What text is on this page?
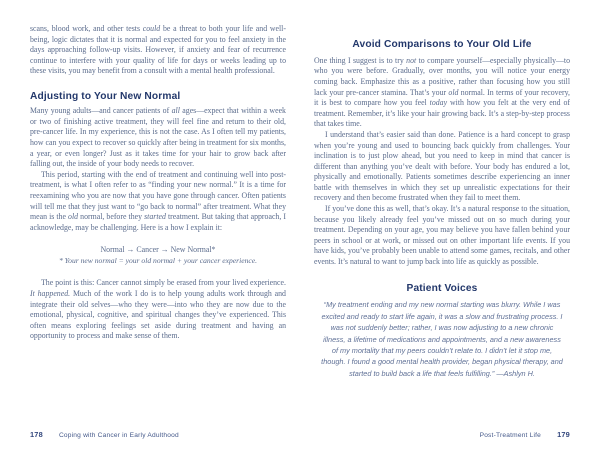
scans, blood work, and other tests could be a threat to both your life and well-being, logic dictates that it is normal and expected for you to feel anxiety in the days approaching follow-up visits. However, if anxiety and fear of recurrence continue to interfere with your quality of life for days or weeks leading up to these visits, you may benefit from a consult with a mental health professional.

Adjusting to Your New Normal

Many young adults—and cancer patients of all ages—expect that within a week or two of finishing active treatment, they will feel fine and return to their old, pre-cancer life. In my experience, this is not the case. As I often tell my patients, how can you expect to recover so quickly after being in treatment for six months, a year, or even longer? Just as it takes time for your hair to grow back after falling out, the inside of your body needs to recover.

This period, starting with the end of treatment and continuing well into post-treatment, is what I often refer to as “finding your new normal.” It is a time for reexamining who you are now that you have gone through cancer. Often patients will tell me that they just want to “go back to normal” after treatment. What they mean is the old normal, before they started treatment. But taking that approach, I acknowledge, may be challenging. Here is a how I explain it:

Normal → Cancer → New Normal*
* Your new normal = your old normal + your cancer experience.

The point is this: Cancer cannot simply be erased from your lived experience. It happened. Much of the work I do is to help young adults work through and integrate their old selves—who they were—into who they are now due to the emotional, physical, cognitive, and spiritual changes they’ve experienced. This often means exploring feelings set aside during treatment and having an opportunity to process and make sense of them.

178 Coping with Cancer in Early Adulthood
Avoid Comparisons to Your Old Life

One thing I suggest is to try not to compare yourself—especially physically—to who you were before. Gradually, over months, you will notice your energy coming back. Emphasize this as a positive, rather than focusing how you still lack your pre-cancer stamina. That’s your old normal. In terms of your recovery, it is best to compare how you feel today with how you felt at the very end of treatment. Remember, it’s like your hair growing back. It’s a step-by-step process that takes time.

I understand that’s easier said than done. Patience is a hard concept to grasp when you’re young and used to bouncing back quickly from challenges. Your inclination is to just plow ahead, but you need to keep in mind that cancer is different than anything you’ve dealt with before. Your body has endured a lot, physically and emotionally. Patients sometimes describe experiencing an inner battle with themselves in which they set up unrealistic expectations for their recovery and then become frustrated when they fail to meet them.

If you’ve done this as well, that’s okay. It’s a natural response to the situation, because you likely already feel you’ve missed out on so much during your treatment. Depending on your age, you may believe you have fallen behind your peers in school or at work, or missed out on other important life events. If you have kids, you’ve probably been unable to attend some games, recitals, and other events. It’s natural to want to jump back into life as quickly as possible.

Patient Voices

“My treatment ending and my new normal starting was blurry. While I was excited and ready to start life again, it was a slow and frustrating process. I was not suddenly better; rather, I was now adjusting to a new chronic illness, a lifetime of medications and appointments, and a new awareness of my mortality that my peers couldn’t relate to. I didn’t let it stop me, though. I found a good mental health provider, began physical therapy, and started to build back a life that feels fulfilling.” —Ashlyn H.

Post-Treatment Life 179
